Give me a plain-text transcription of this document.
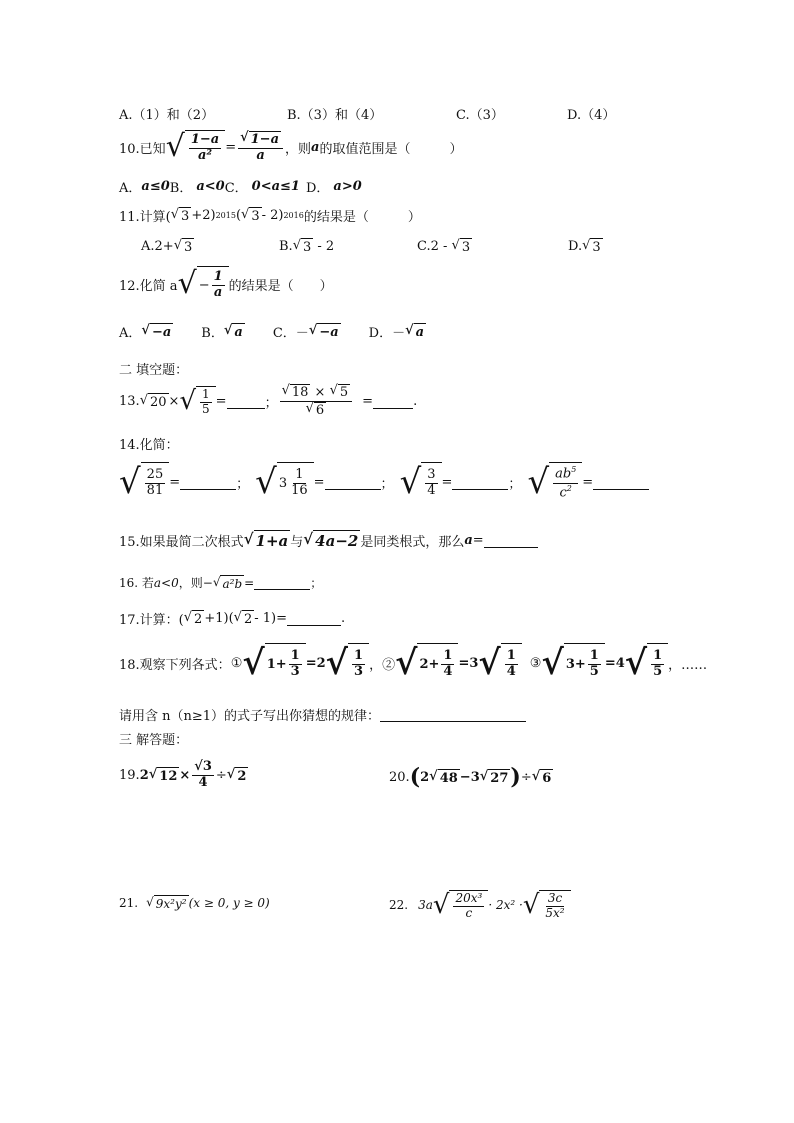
A.（1）和（2）	B.（3）和（4）	C.（3）	D.（4）
10.已知 √ $\frac{1-a}{\text{a²}} = \frac{√ 1-a}{a}$ ，则 a 的取值范围是（　　　）
A． a≤0 B． a<0 C． 0<a≤1 D． a>0
11.计算( √ 3 +2) 2015 ( √ 3 - 2) 2016 的结果是（　　　）
A.2+ √ 3	B. √ 3 - 2	C.2 - √ 3	D. √ 3
12.化简 a √ − $\frac{1}{a}$ 的结果是（　　）
A． √ −a B． √ a C．－ √ −a D．－ √ a
二 填空题：
13. √ 20 × √ $\frac{1}{5}$ =	； $\frac{√ 18 \times √ 5}{√ 6}$ =	.
14.化简：
√ $\frac{25}{81}$ =	； √ $3 \frac{1}{16}$ =	； √ $\frac{3}{4}$ =	； √ $\frac{ab^5}{c^2}$ =
15.如果最简二次根式 √ 1+a 与 √ 4a−2 是同类根式，那么 a =
16. 若 a<0 ，则 − √ a²b =	；
17.计算：( √ 2 +1)( √ 2 - 1)=	.
18.观察下列各式： ① √ $1+ \frac{1}{3} =2$ √ $\frac{1}{3}$ ，② √ $2+ \frac{1}{4} =3$ √ $\frac{1}{4}$ ③ √ $3+ \frac{1}{5} =4$ √ $\frac{1}{5}$ ，……
请用含 n（n≥1）的式子写出你猜想的规律：
三 解答题：
19. 2 √ $12 \times \frac{√3}{4}$ ÷ √ 2	20. ( 2 √ 48 −3 √ 27 ) ÷ √ 6
21. √ 9x²y² (x ≥ 0, y ≥ 0)	22. 3a √ $\frac{\text{20x³}}{c} \cdot 2x^2$ · √ $\frac{3c}{\text{5x²}}$
